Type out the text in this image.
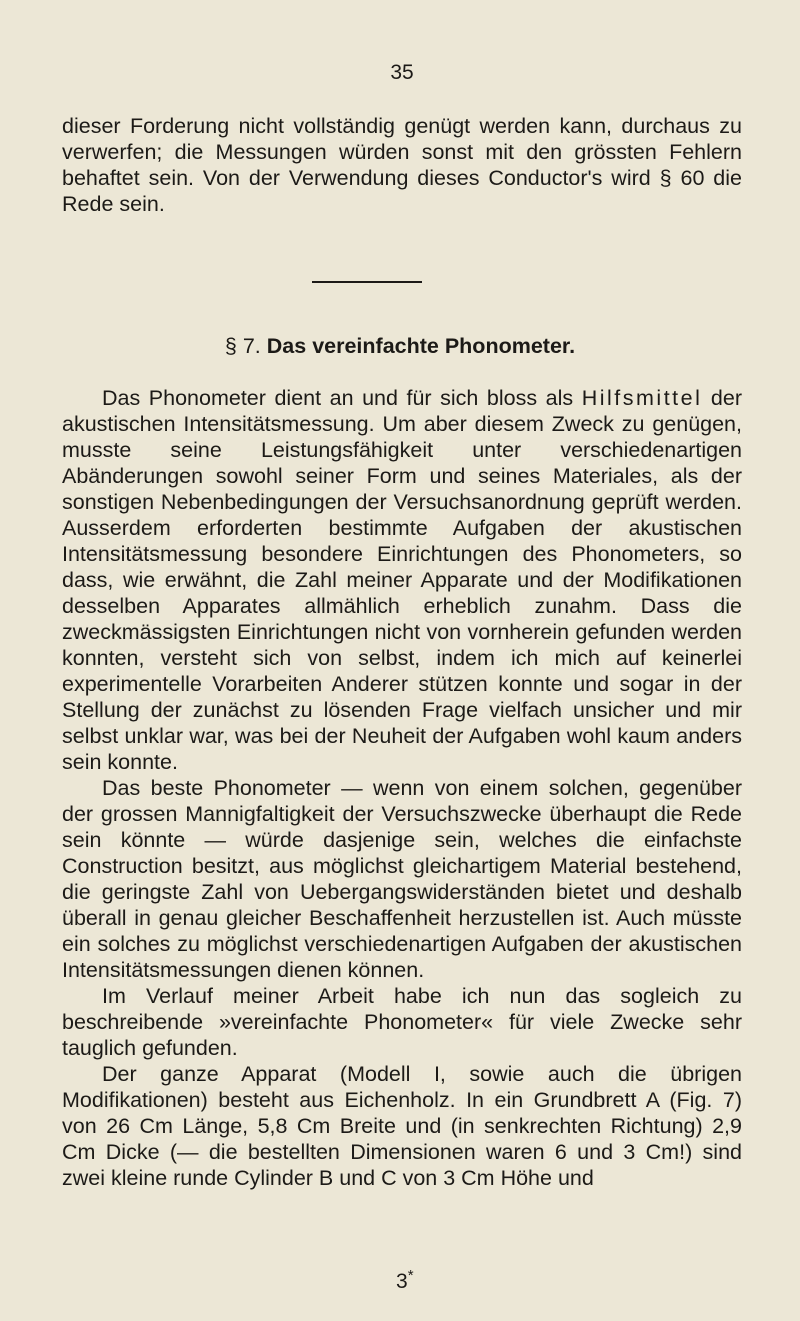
35

dieser Forderung nicht vollständig genügt werden kann, durchaus zu verwerfen; die Messungen würden sonst mit den grössten Fehlern behaftet sein. Von der Verwendung dieses Conductor's wird § 60 die Rede sein.

§ 7. Das vereinfachte Phonometer.

Das Phonometer dient an und für sich bloss als Hilfsmittel der akustischen Intensitätsmessung. Um aber diesem Zweck zu genügen, musste seine Leistungsfähigkeit unter verschiedenartigen Abänderungen sowohl seiner Form und seines Materiales, als der sonstigen Nebenbedingungen der Versuchsanordnung geprüft werden. Ausserdem erforderten bestimmte Aufgaben der akustischen Intensitätsmessung besondere Einrichtungen des Phonometers, so dass, wie erwähnt, die Zahl meiner Apparate und der Modifikationen desselben Apparates allmählich erheblich zunahm. Dass die zweckmässigsten Einrichtungen nicht von vornherein gefunden werden konnten, versteht sich von selbst, indem ich mich auf keinerlei experimentelle Vorarbeiten Anderer stützen konnte und sogar in der Stellung der zunächst zu lösenden Frage vielfach unsicher und mir selbst unklar war, was bei der Neuheit der Aufgaben wohl kaum anders sein konnte.

Das beste Phonometer — wenn von einem solchen, gegenüber der grossen Mannigfaltigkeit der Versuchszwecke überhaupt die Rede sein könnte — würde dasjenige sein, welches die einfachste Construction besitzt, aus möglichst gleichartigem Material bestehend, die geringste Zahl von Uebergangswiderständen bietet und deshalb überall in genau gleicher Beschaffenheit herzustellen ist. Auch müsste ein solches zu möglichst verschiedenartigen Aufgaben der akustischen Intensitätsmessungen dienen können.

Im Verlauf meiner Arbeit habe ich nun das sogleich zu beschreibende »vereinfachte Phonometer« für viele Zwecke sehr tauglich gefunden.

Der ganze Apparat (Modell I, sowie auch die übrigen Modifikationen) besteht aus Eichenholz. In ein Grundbrett A (Fig. 7) von 26 Cm Länge, 5,8 Cm Breite und (in senkrechten Richtung) 2,9 Cm Dicke (— die bestellten Dimensionen waren 6 und 3 Cm!) sind zwei kleine runde Cylinder B und C von 3 Cm Höhe und

3*
